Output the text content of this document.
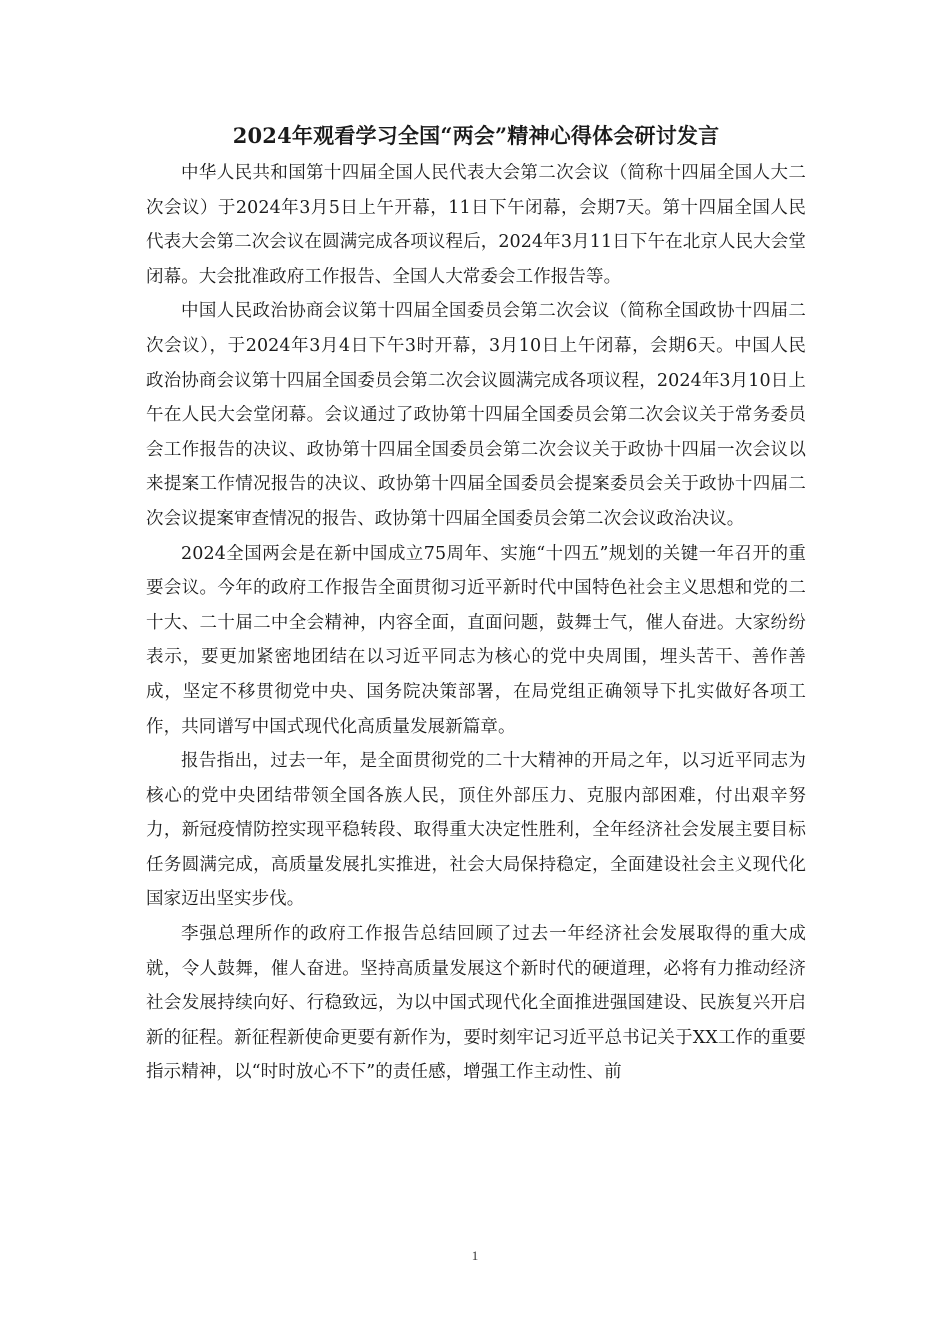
2024年观看学习全国“两会”精神心得体会研讨发言

中华人民共和国第十四届全国人民代表大会第二次会议（简称十四届全国人大二次会议）于2024年3月5日上午开幕，11日下午闭幕，会期7天。第十四届全国人民代表大会第二次会议在圆满完成各项议程后，2024年3月11日下午在北京人民大会堂闭幕。大会批准政府工作报告、全国人大常委会工作报告等。

中国人民政治协商会议第十四届全国委员会第二次会议（简称全国政协十四届二次会议），于2024年3月4日下午3时开幕，3月10日上午闭幕，会期6天。中国人民政治协商会议第十四届全国委员会第二次会议圆满完成各项议程，2024年3月10日上午在人民大会堂闭幕。会议通过了政协第十四届全国委员会第二次会议关于常务委员会工作报告的决议、政协第十四届全国委员会第二次会议关于政协十四届一次会议以来提案工作情况报告的决议、政协第十四届全国委员会提案委员会关于政协十四届二次会议提案审查情况的报告、政协第十四届全国委员会第二次会议政治决议。

2024全国两会是在新中国成立75周年、实施“十四五”规划的关键一年召开的重要会议。今年的政府工作报告全面贯彻习近平新时代中国特色社会主义思想和党的二十大、二十届二中全会精神，内容全面，直面问题，鼓舞士气，催人奋进。大家纷纷表示，要更加紧密地团结在以习近平同志为核心的党中央周围，埋头苦干、善作善成，坚定不移贯彻党中央、国务院决策部署，在局党组正确领导下扎实做好各项工作，共同谱写中国式现代化高质量发展新篇章。

报告指出，过去一年，是全面贯彻党的二十大精神的开局之年，以习近平同志为核心的党中央团结带领全国各族人民，顶住外部压力、克服内部困难，付出艰辛努力，新冠疫情防控实现平稳转段、取得重大决定性胜利，全年经济社会发展主要目标任务圆满完成，高质量发展扎实推进，社会大局保持稳定，全面建设社会主义现代化国家迈出坚实步伐。

李强总理所作的政府工作报告总结回顾了过去一年经济社会发展取得的重大成就，令人鼓舞，催人奋进。坚持高质量发展这个新时代的硬道理，必将有力推动经济社会发展持续向好、行稳致远，为以中国式现代化全面推进强国建设、民族复兴开启新的征程。新征程新使命更要有新作为，要时刻牢记习近平总书记关于XX工作的重要指示精神，以“时时放心不下”的责任感，增强工作主动性、前

1
